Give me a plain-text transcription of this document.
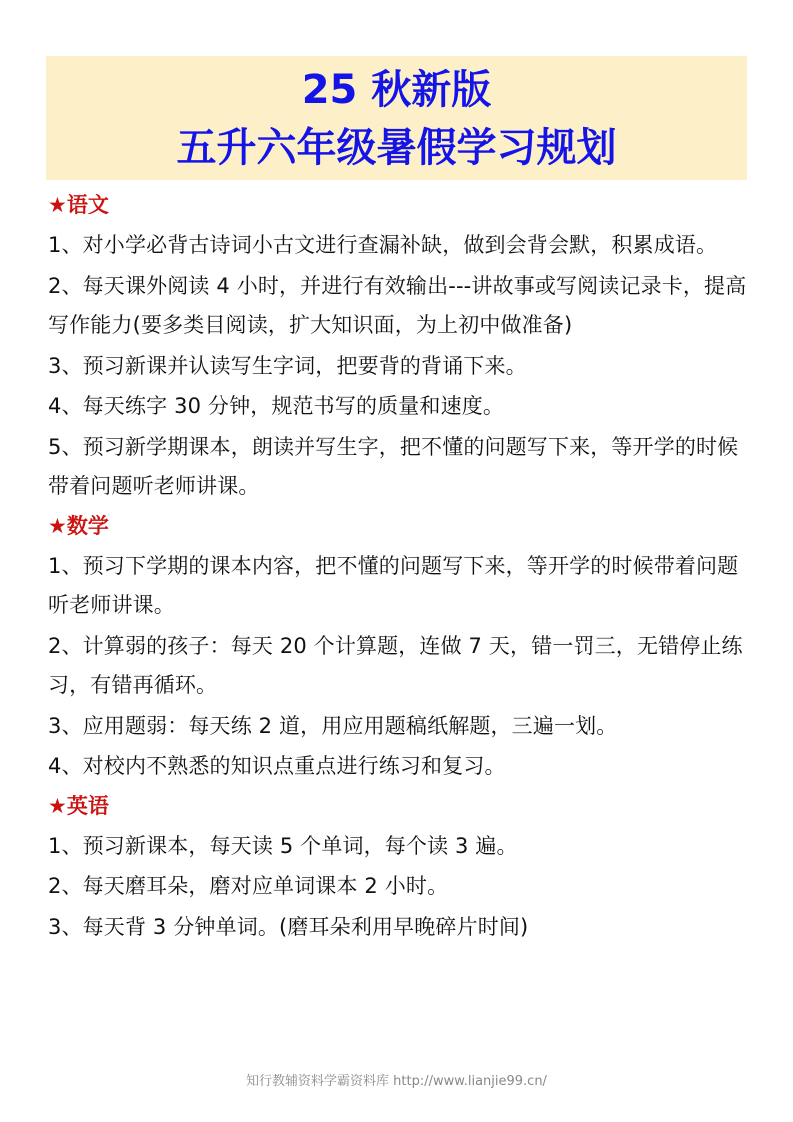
25 秋新版
五升六年级暑假学习规划
★语文
1、对小学必背古诗词小古文进行查漏补缺，做到会背会默，积累成语。
2、每天课外阅读 4 小时，并进行有效输出---讲故事或写阅读记录卡，提高写作能力(要多类目阅读，扩大知识面，为上初中做准备)
3、预习新课并认读写生字词，把要背的背诵下来。
4、每天练字 30 分钟，规范书写的质量和速度。
5、预习新学期课本，朗读并写生字，把不懂的问题写下来，等开学的时候带着问题听老师讲课。
★数学
1、预习下学期的课本内容，把不懂的问题写下来，等开学的时候带着问题听老师讲课。
2、计算弱的孩子：每天 20 个计算题，连做 7 天，错一罚三，无错停止练习，有错再循环。
3、应用题弱：每天练 2 道，用应用题稿纸解题，三遍一划。
4、对校内不熟悉的知识点重点进行练习和复习。
★英语
1、预习新课本，每天读 5 个单词，每个读 3 遍。
2、每天磨耳朵，磨对应单词课本 2 小时。
3、每天背 3 分钟单词。(磨耳朵利用早晚碎片时间)
知行教辅资料学霸资料库 http://www.lianjie99.cn/
